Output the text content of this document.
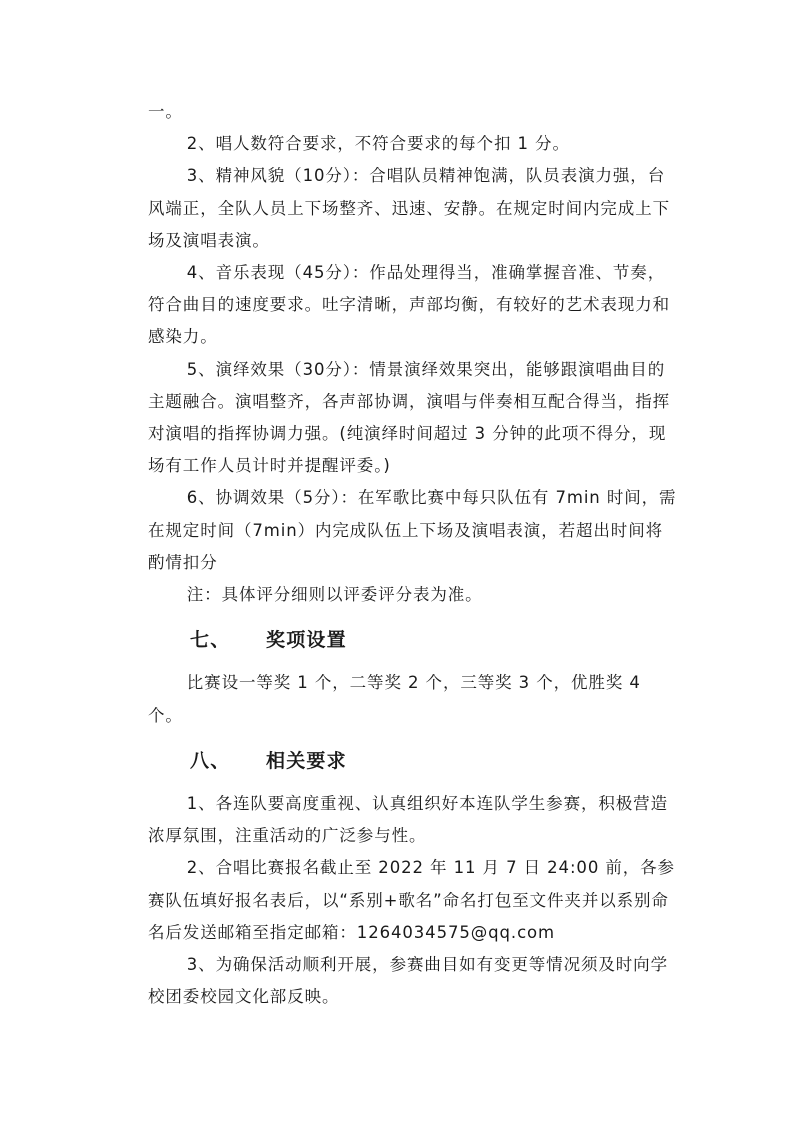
一。

2、唱人数符合要求，不符合要求的每个扣 1 分。

3、精神风貌（10分）：合唱队员精神饱满，队员表演力强，台风端正，全队人员上下场整齐、迅速、安静。在规定时间内完成上下场及演唱表演。

4、音乐表现（45分）：作品处理得当，准确掌握音准、节奏，符合曲目的速度要求。吐字清晰，声部均衡，有较好的艺术表现力和感染力。

5、演绎效果（30分）：情景演绎效果突出，能够跟演唱曲目的主题融合。演唱整齐，各声部协调，演唱与伴奏相互配合得当，指挥对演唱的指挥协调力强。(纯演绎时间超过 3 分钟的此项不得分，现场有工作人员计时并提醒评委。)

6、协调效果（5分）：在军歌比赛中每只队伍有 7min 时间，需在规定时间（7min）内完成队伍上下场及演唱表演，若超出时间将酌情扣分

注：具体评分细则以评委评分表为准。

七、 奖项设置

比赛设一等奖 1 个，二等奖 2 个，三等奖 3 个，优胜奖 4 个。

八、 相关要求

1、各连队要高度重视、认真组织好本连队学生参赛，积极营造浓厚氛围，注重活动的广泛参与性。

2、合唱比赛报名截止至 2022 年 11 月 7 日 24:00 前，各参赛队伍填好报名表后，以“系别+歌名”命名打包至文件夹并以系别命名后发送邮箱至指定邮箱：1264034575@qq.com

3、为确保活动顺利开展，参赛曲目如有变更等情况须及时向学校团委校园文化部反映。
